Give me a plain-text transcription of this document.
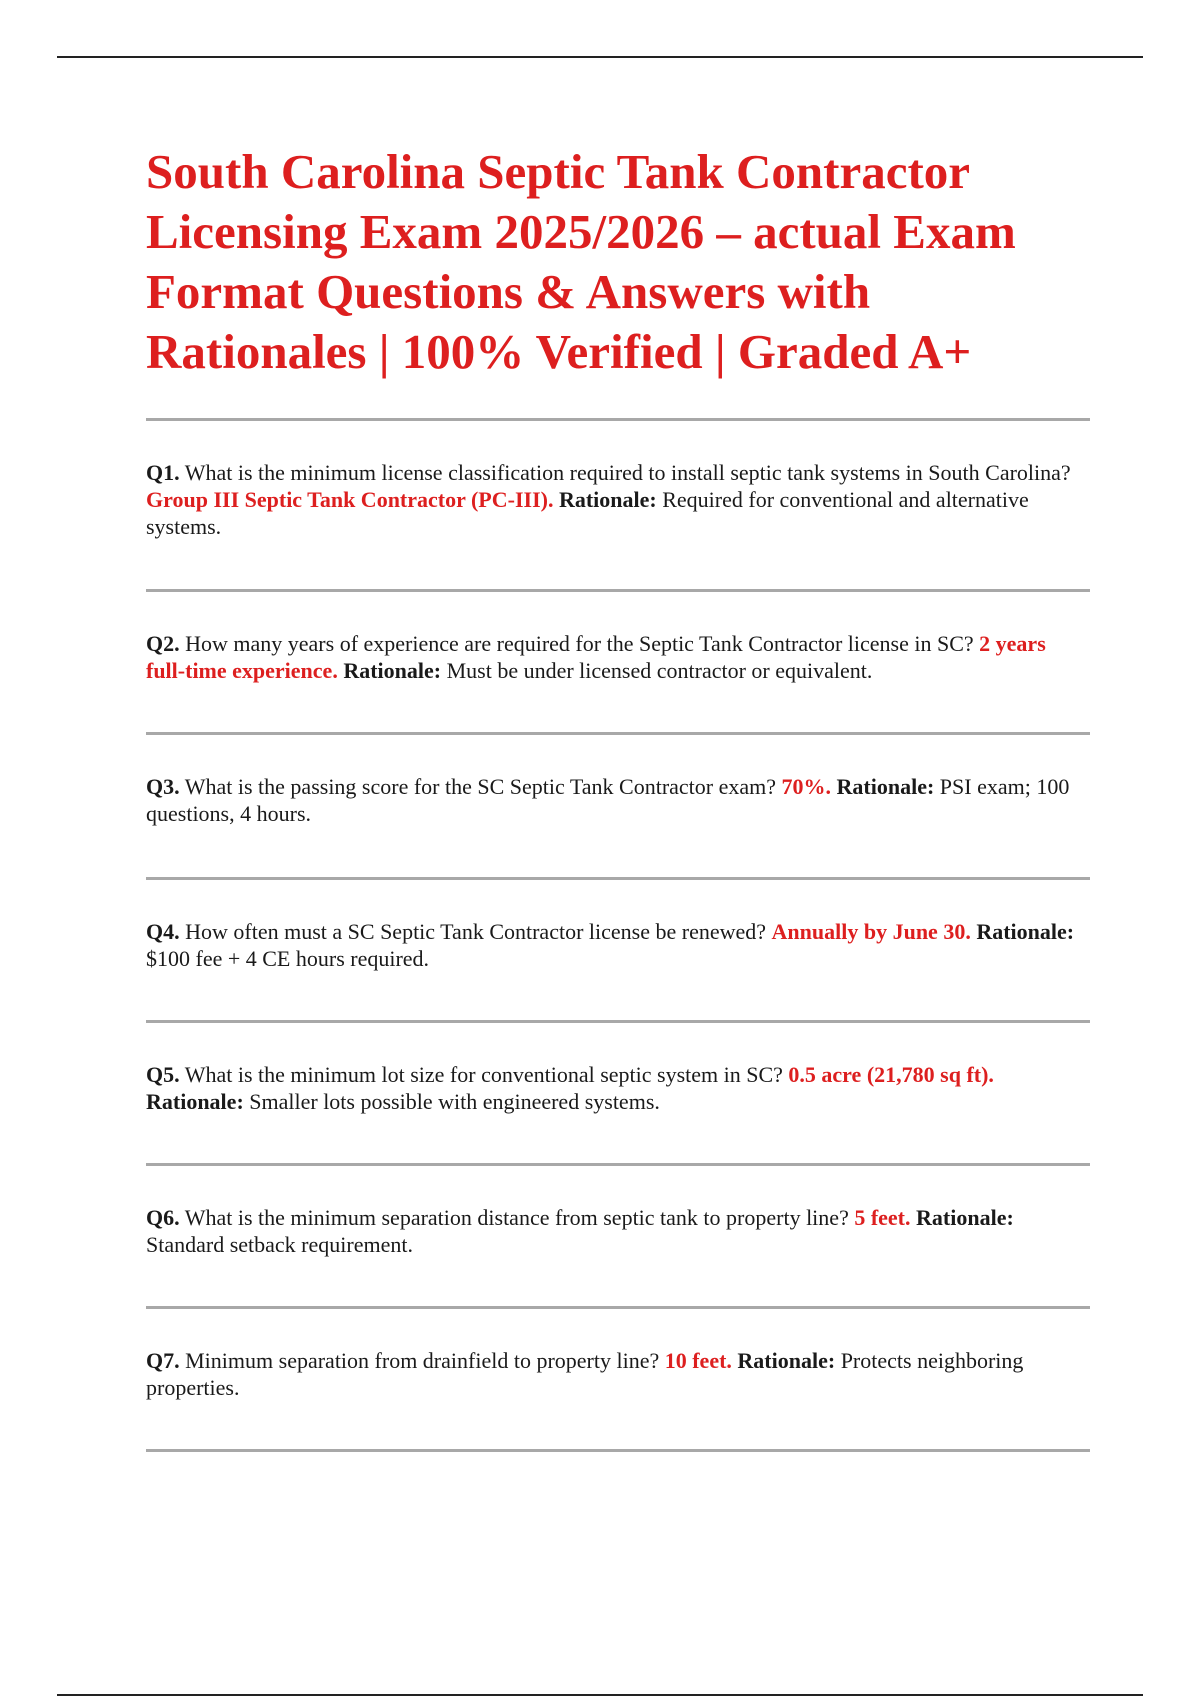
South Carolina Septic Tank Contractor Licensing Exam 2025/2026 – actual Exam Format Questions & Answers with Rationales | 100% Verified | Graded A+

Q1. What is the minimum license classification required to install septic tank systems in South Carolina? Group III Septic Tank Contractor (PC-III). Rationale: Required for conventional and alternative systems.

Q2. How many years of experience are required for the Septic Tank Contractor license in SC? 2 years full-time experience. Rationale: Must be under licensed contractor or equivalent.

Q3. What is the passing score for the SC Septic Tank Contractor exam? 70%. Rationale: PSI exam; 100 questions, 4 hours.

Q4. How often must a SC Septic Tank Contractor license be renewed? Annually by June 30. Rationale: $100 fee + 4 CE hours required.

Q5. What is the minimum lot size for conventional septic system in SC? 0.5 acre (21,780 sq ft). Rationale: Smaller lots possible with engineered systems.

Q6. What is the minimum separation distance from septic tank to property line? 5 feet. Rationale: Standard setback requirement.

Q7. Minimum separation from drainfield to property line? 10 feet. Rationale: Protects neighboring properties.
